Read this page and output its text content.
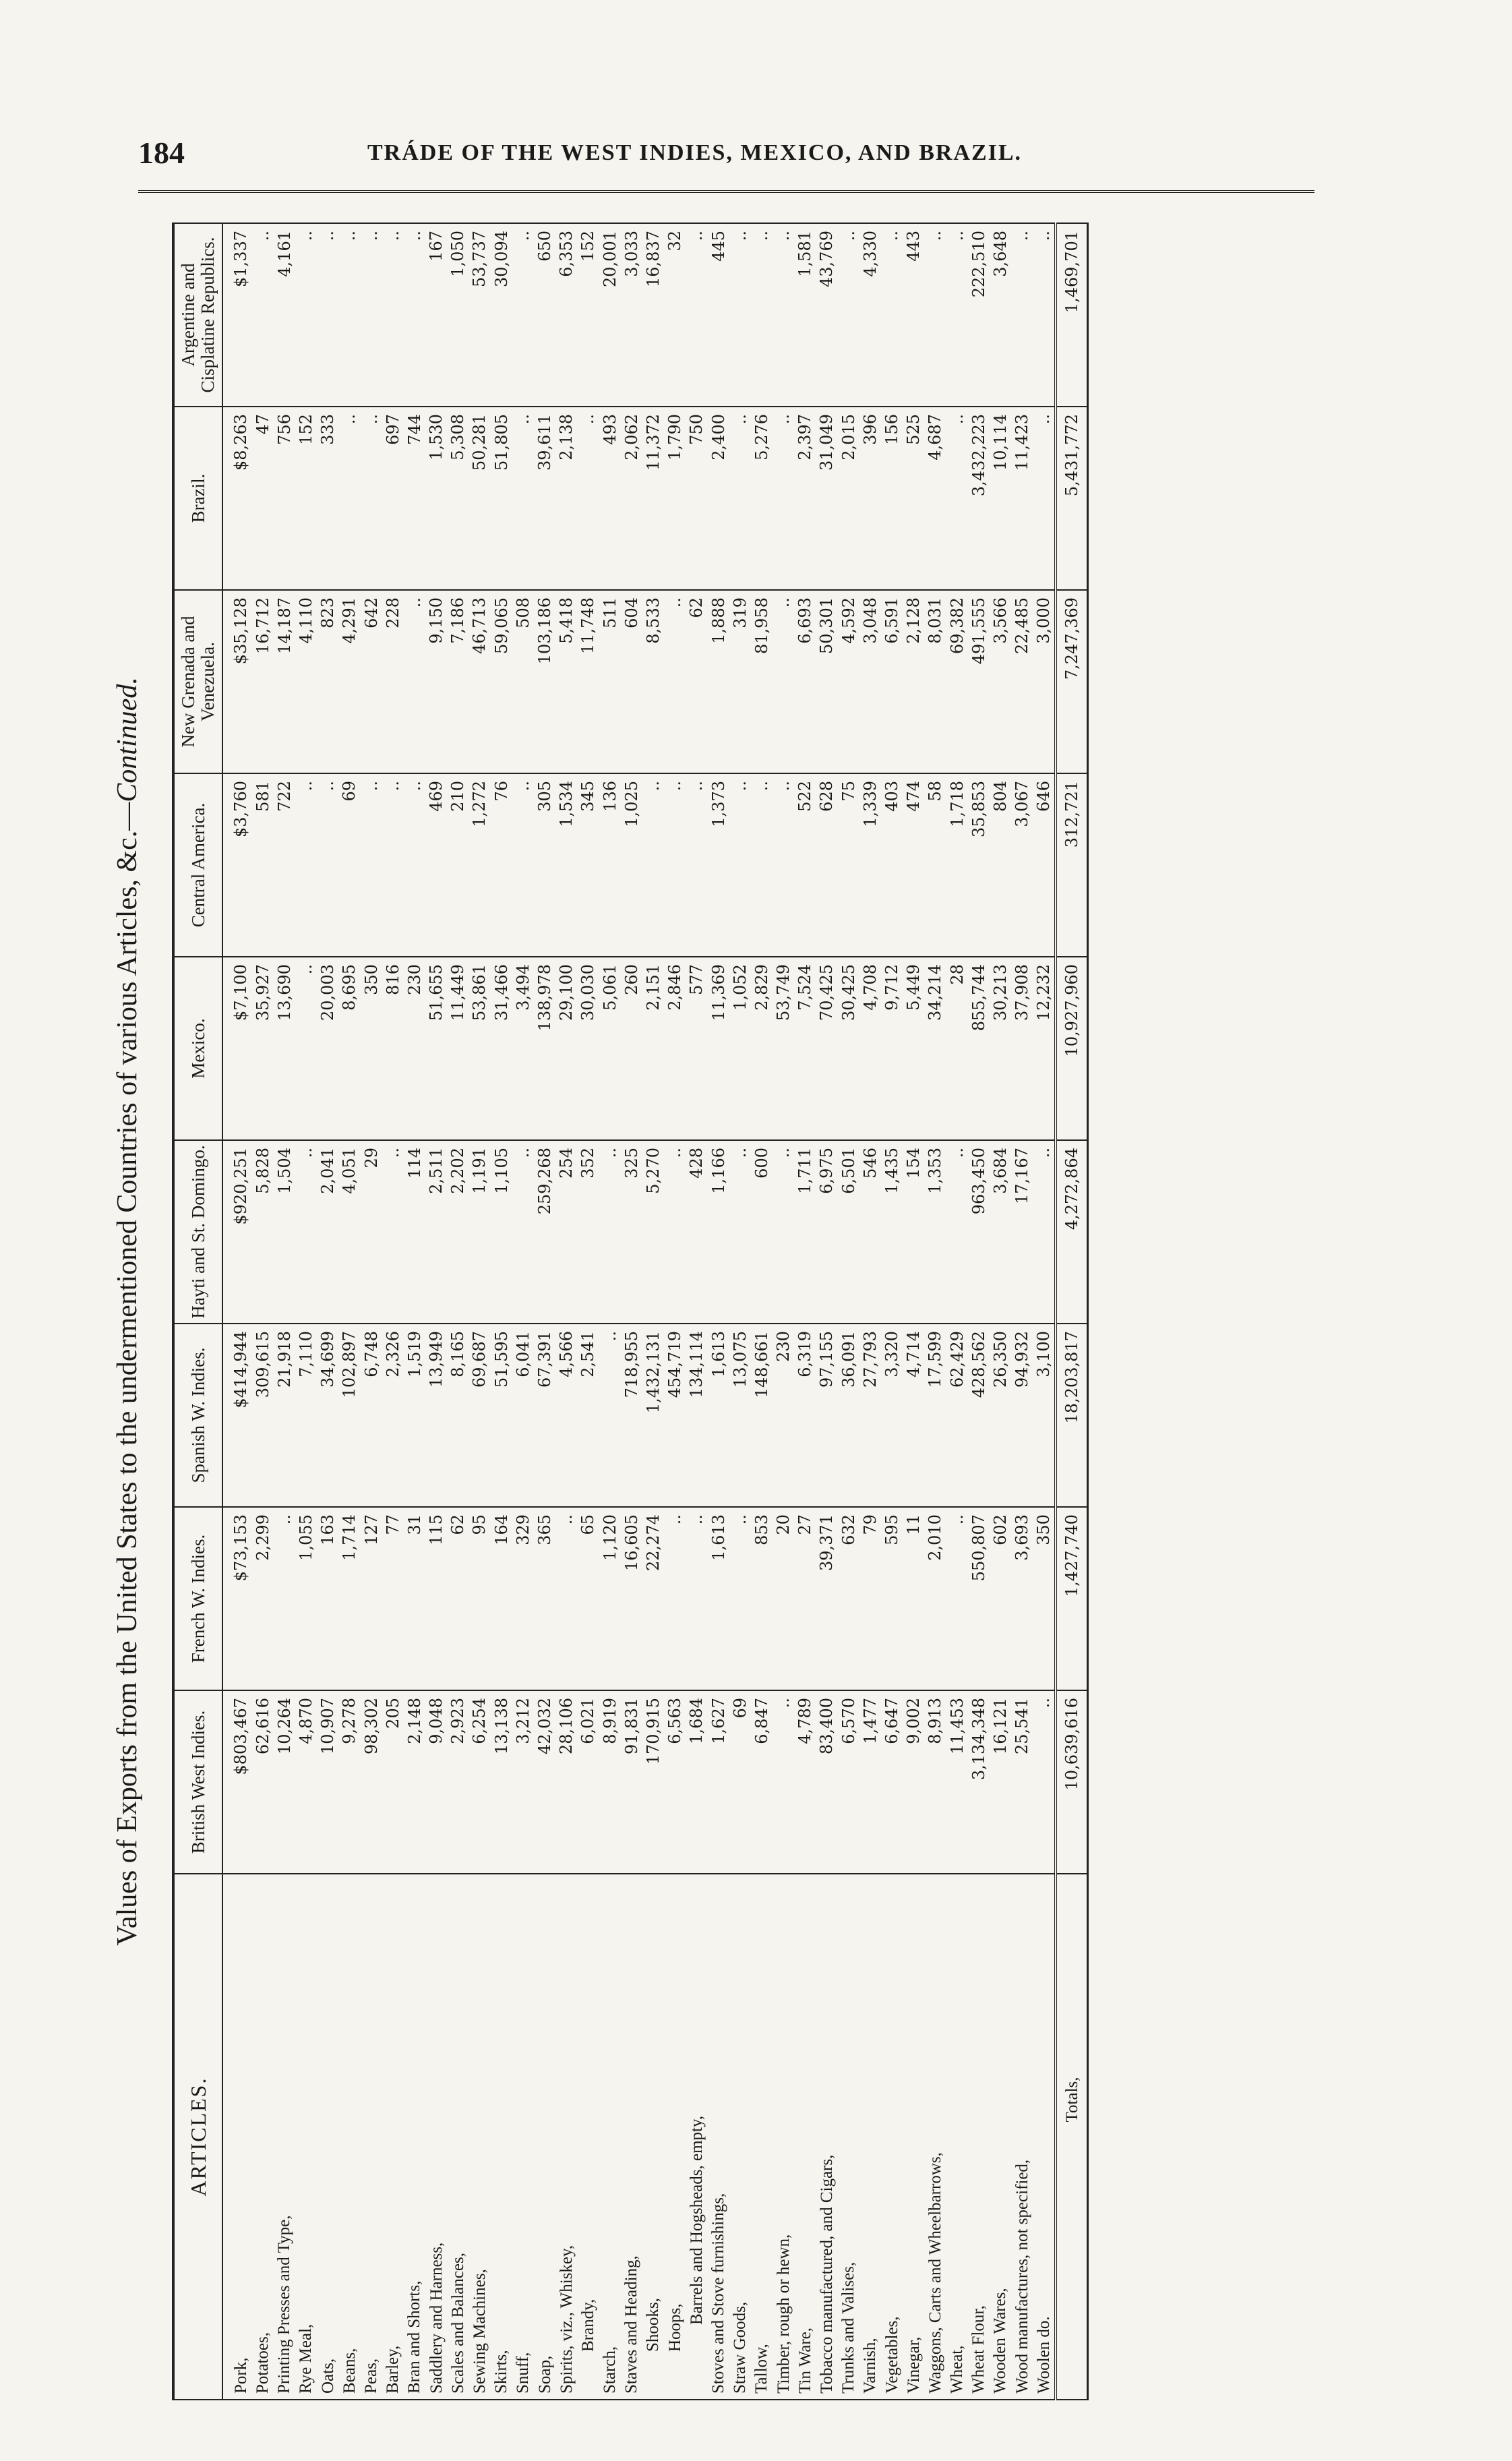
184	TRÁDE OF THE WEST INDIES, MEXICO, AND BRAZIL.
Values of Exports from the United States to the undermentioned Countries of various Articles, &c.—Continued.
ARTICLES.	British West Indies.	French W. Indies.	Spanish W. Indies.	Hayti and St. Domingo.	Mexico.	Central America.	New Grenada and Venezuela.	Brazil.	Argentine and Cisplatine Republics.
Pork,	$803,467	$73,153	$414,944	$920,251	$7,100	$3,760	$35,128	$8,263	$1,337
Potatoes,	62,616	2,299	309,615	5,828	35,927	581	16,712	47	..
Printing Presses and Type,	10,264	..	21,918	1,504	13,690	722	14,187	756	4,161
Rye Meal,	4,870	1,055	7,110	..	..	..	4,110	152	..
Oats,	10,907	163	34,699	2,041	20,003	..	823	333	..
Beans,	9,278	1,714	102,897	4,051	8,695	69	4,291	..	..
Peas,	98,302	127	6,748	29	350	..	642	..	..
Barley,	205	77	2,326	..	816	..	228	697	..
Bran and Shorts,	2,148	31	1,519	114	230	..	..	744	..
Saddlery and Harness,	9,048	115	13,949	2,511	51,655	469	9,150	1,530	167
Scales and Balances,	2,923	62	8,165	2,202	11,449	210	7,186	5,308	1,050
Sewing Machines,	6,254	95	69,687	1,191	53,861	1,272	46,713	50,281	53,737
Skirts,	13,138	164	51,595	1,105	31,466	76	59,065	51,805	30,094
Snuff,	3,212	329	6,041	..	3,494	..	508	..	..
Soap,	42,032	365	67,391	259,268	138,978	305	103,186	39,611	650
Spirits, viz., Whiskey,	28,106	..	4,566	254	29,100	1,534	5,418	2,138	6,353
Brandy,	6,021	65	2,541	352	30,030	345	11,748	..	152
Starch,	8,919	1,120	..	..	5,061	136	511	493	20,001
Staves and Heading,	91,831	16,605	718,955	325	260	1,025	604	2,062	3,033
Shooks,	170,915	22,274	1,432,131	5,270	2,151	..	8,533	11,372	16,837
Hoops,	6,563	..	454,719	..	2,846	..	..	1,790	32
Barrels and Hogsheads, empty,	1,684	..	134,114	428	577	..	62	750	..
Stoves and Stove furnishings,	1,627	1,613	1,613	1,166	11,369	1,373	1,888	2,400	445
Straw Goods,	69	..	13,075	..	1,052	..	319	..	..
Tallow,	6,847	853	148,661	600	2,829	..	81,958	5,276	..
Timber, rough or hewn,	..	20	230	..	53,749	..	..	..	..
Tin Ware,	4,789	27	6,319	1,711	7,524	522	6,693	2,397	1,581
Tobacco manufactured, and Cigars,	83,400	39,371	97,155	6,975	70,425	628	50,301	31,049	43,769
Trunks and Valises,	6,570	632	36,091	6,501	30,425	75	4,592	2,015	..
Varnish,	1,477	79	27,793	546	4,708	1,339	3,048	396	4,330
Vegetables,	6,647	595	3,320	1,435	9,712	403	6,591	156	..
Vinegar,	9,002	11	4,714	154	5,449	474	2,128	525	443
Waggons, Carts and Wheelbarrows,	8,913	2,010	17,599	1,353	34,214	58	8,031	4,687	..
Wheat,	11,453	..	62,429	..	28	1,718	69,382	..	..
Wheat Flour,	3,134,348	550,807	428,562	963,450	855,744	35,853	491,555	3,432,223	222,510
Wooden Wares,	16,121	602	26,350	3,684	30,213	804	3,566	10,114	3,648
Wood manufactures, not specified,	25,541	3,693	94,932	17,167	37,908	3,067	22,485	11,423	..
Woolen do.	..	350	3,100	..	12,232	646	3,000	..	..
Totals,	10,639,616	1,427,740	18,203,817	4,272,864	10,927,960	312,721	7,247,369	5,431,772	1,469,701
